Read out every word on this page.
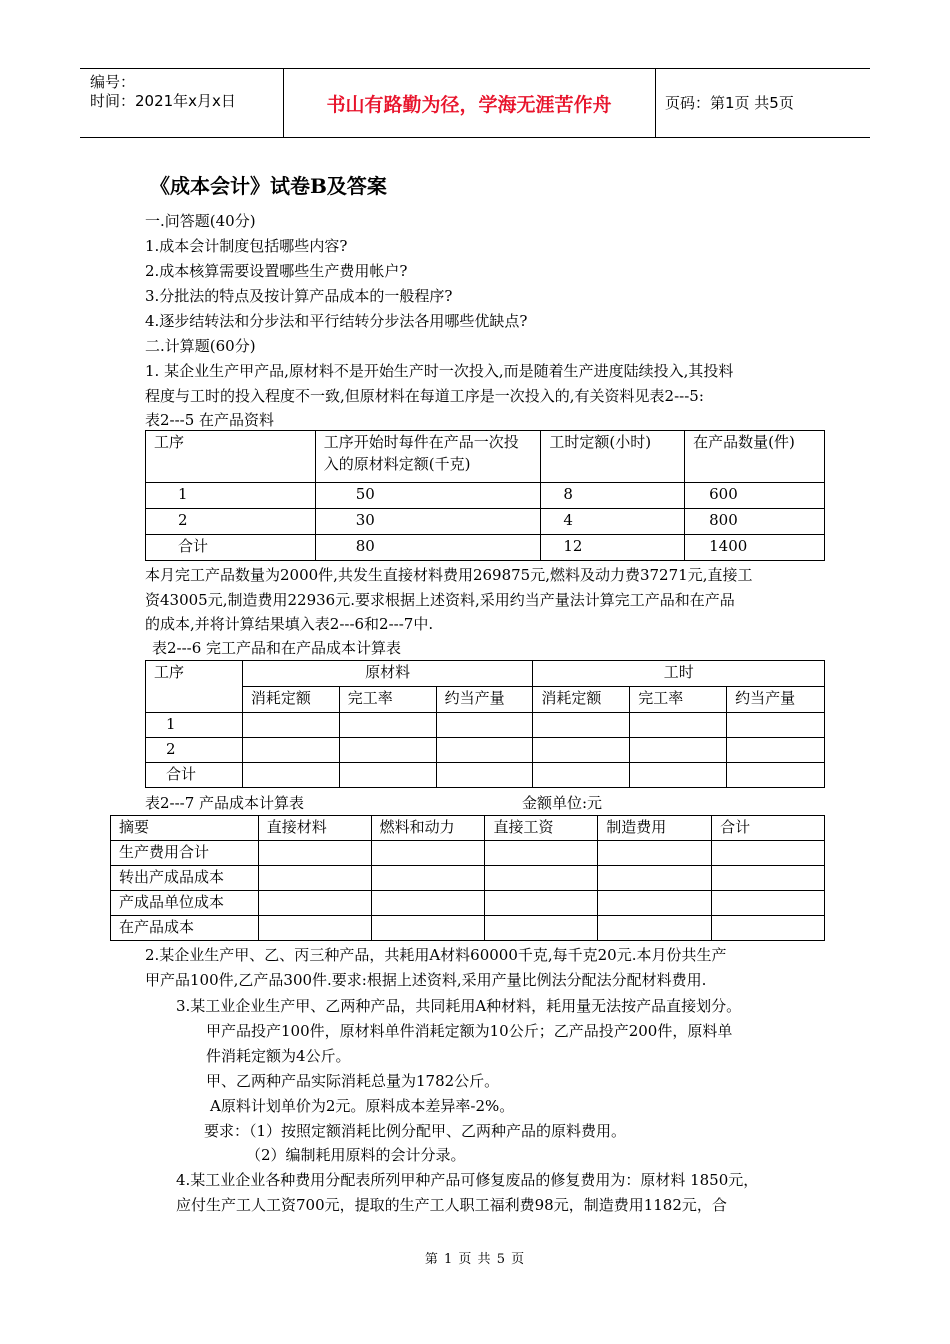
编号：
时间：2021年x月x日	书山有路勤为径，学海无涯苦作舟	页码：第1页 共5页
《成本会计》试卷B及答案
一.问答题(40分)
1.成本会计制度包括哪些内容?
2.成本核算需要设置哪些生产费用帐户?
3.分批法的特点及按计算产品成本的一般程序?
4.逐步结转法和分步法和平行结转分步法各用哪些优缺点?
二.计算题(60分)
1. 某企业生产甲产品,原材料不是开始生产时一次投入,而是随着生产进度陆续投入,其投料
程度与工时的投入程度不一致,但原材料在每道工序是一次投入的,有关资料见表2---5:
表2---5 在产品资料
工序	工序开始时每件在产品一次投入的原材料定额(千克)	工时定额(小时)	在产品数量(件)
1	50	8	600
2	30	4	800
合计	80	12	1400
本月完工产品数量为2000件,共发生直接材料费用269875元,燃料及动力费37271元,直接工
资43005元,制造费用22936元.要求根据上述资料,采用约当产量法计算完工产品和在产品
的成本,并将计算结果填入表2---6和2---7中.
表2---6 完工产品和在产品成本计算表
工序	原材料			工时		
	消耗定额	完工率	约当产量	消耗定额	完工率	约当产量
1						
2						
合计						
表2---7 产品成本计算表	金额单位:元
摘要	直接材料	燃料和动力	直接工资	制造费用	合计
生产费用合计					
转出产成品成本					
产成品单位成本					
在产品成本					
2.某企业生产甲、乙、丙三种产品，共耗用A材料60000千克,每千克20元.本月份共生产
甲产品100件,乙产品300件.要求:根据上述资料,采用产量比例法分配法分配材料费用.
3.某工业企业生产甲、乙两种产品，共同耗用A种材料，耗用量无法按产品直接划分。
甲产品投产100件，原材料单件消耗定额为10公斤；乙产品投产200件，原料单
件消耗定额为4公斤。
甲、乙两种产品实际消耗总量为1782公斤。
A原料计划单价为2元。原料成本差异率-2%。
要求：（1）按照定额消耗比例分配甲、乙两种产品的原料费用。
（2）编制耗用原料的会计分录。
4.某工业企业各种费用分配表所列甲种产品可修复废品的修复费用为：原材料 1850元，
应付生产工人工资700元，提取的生产工人职工福利费98元，制造费用1182元，合
第 1 页 共 5 页
